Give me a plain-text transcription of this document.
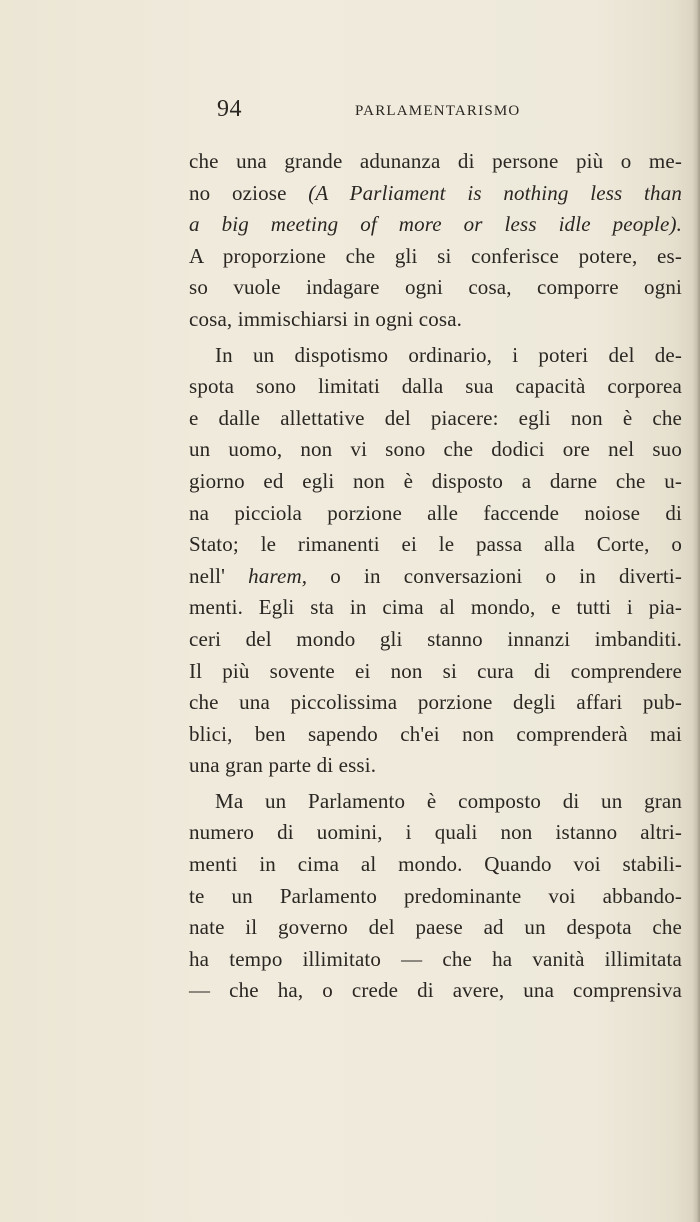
94	PARLAMENTARISMO
che una grande adunanza di persone più o me-
no oziose (A Parliament is nothing less than
a big meeting of more or less idle people).
A proporzione che gli si conferisce potere, es-
so vuole indagare ogni cosa, comporre ogni
cosa, immischiarsi in ogni cosa.
In un dispotismo ordinario, i poteri del de-
spota sono limitati dalla sua capacità corporea
e dalle allettative del piacere: egli non è che
un uomo, non vi sono che dodici ore nel suo
giorno ed egli non è disposto a darne che u-
na picciola porzione alle faccende noiose di
Stato; le rimanenti ei le passa alla Corte, o
nell' harem, o in conversazioni o in diverti-
menti. Egli sta in cima al mondo, e tutti i pia-
ceri del mondo gli stanno innanzi imbanditi.
Il più sovente ei non si cura di comprendere
che una piccolissima porzione degli affari pub-
blici, ben sapendo ch'ei non comprenderà mai
una gran parte di essi.
Ma un Parlamento è composto di un gran
numero di uomini, i quali non istanno altri-
menti in cima al mondo. Quando voi stabili-
te un Parlamento predominante voi abbando-
nate il governo del paese ad un despota che
ha tempo illimitato — che ha vanità illimitata
— che ha, o crede di avere, una comprensiva
